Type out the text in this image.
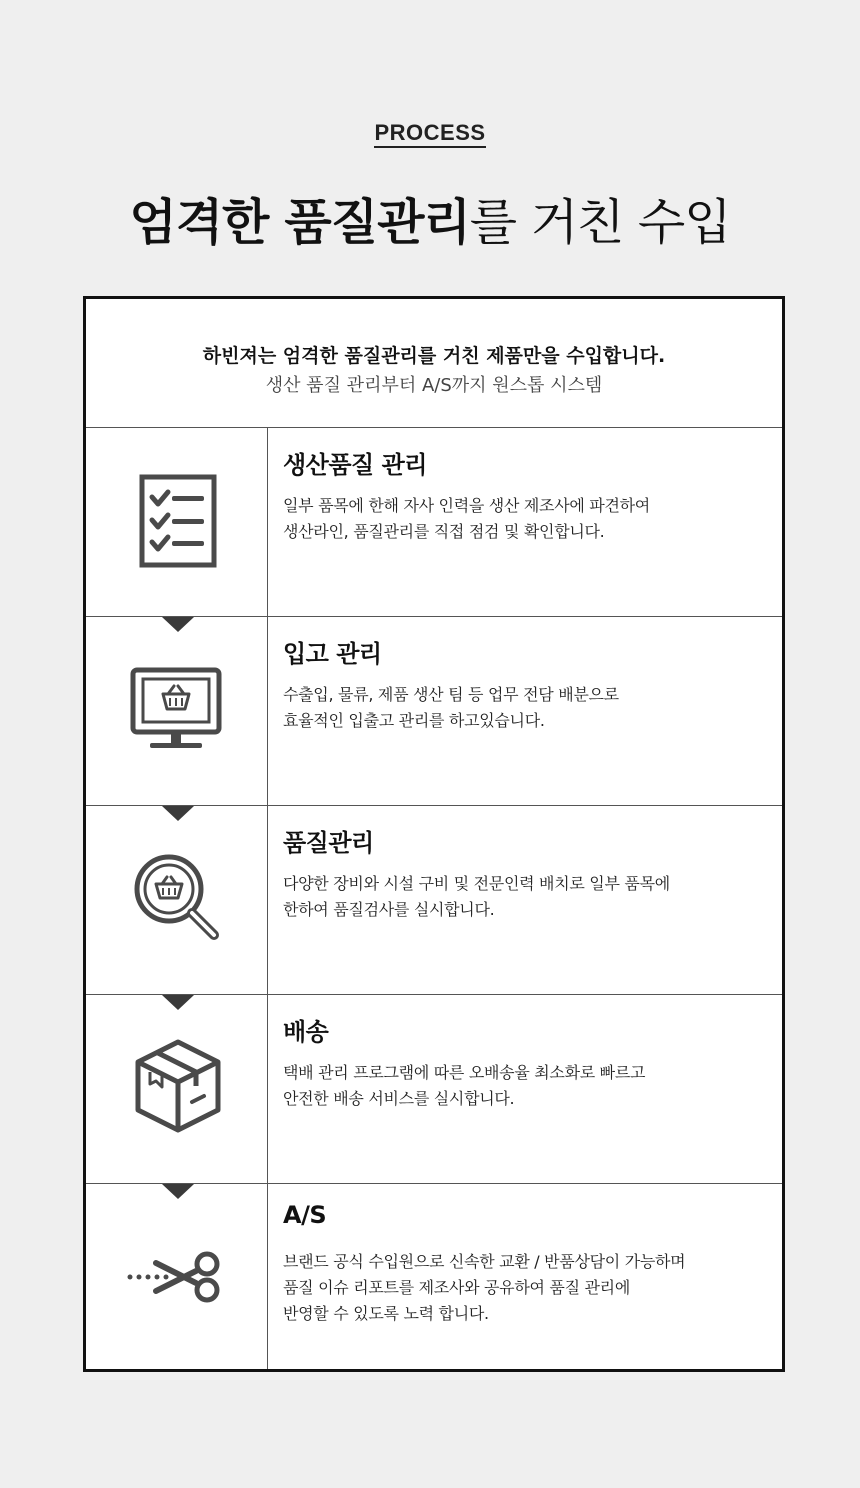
PROCESS
엄격한 품질관리를 거친 수입
하빈져는 엄격한 품질관리를 거친 제품만을 수입합니다.
생산 품질 관리부터 A/S까지 원스톱 시스템
생산품질 관리
일부 품목에 한해 자사 인력을 생산 제조사에 파견하여
생산라인, 품질관리를 직접 점검 및 확인합니다.
입고 관리
수출입, 물류, 제품 생산 팀 등 업무 전담 배분으로
효율적인 입출고 관리를 하고있습니다.
품질관리
다양한 장비와 시설 구비 및 전문인력 배치로 일부 품목에
한하여 품질검사를 실시합니다.
배송
택배 관리 프로그램에 따른 오배송율 최소화로 빠르고
안전한 배송 서비스를 실시합니다.
A/S
브랜드 공식 수입원으로 신속한 교환 / 반품상담이 가능하며
품질 이슈 리포트를 제조사와 공유하여 품질 관리에
반영할 수 있도록 노력 합니다.
